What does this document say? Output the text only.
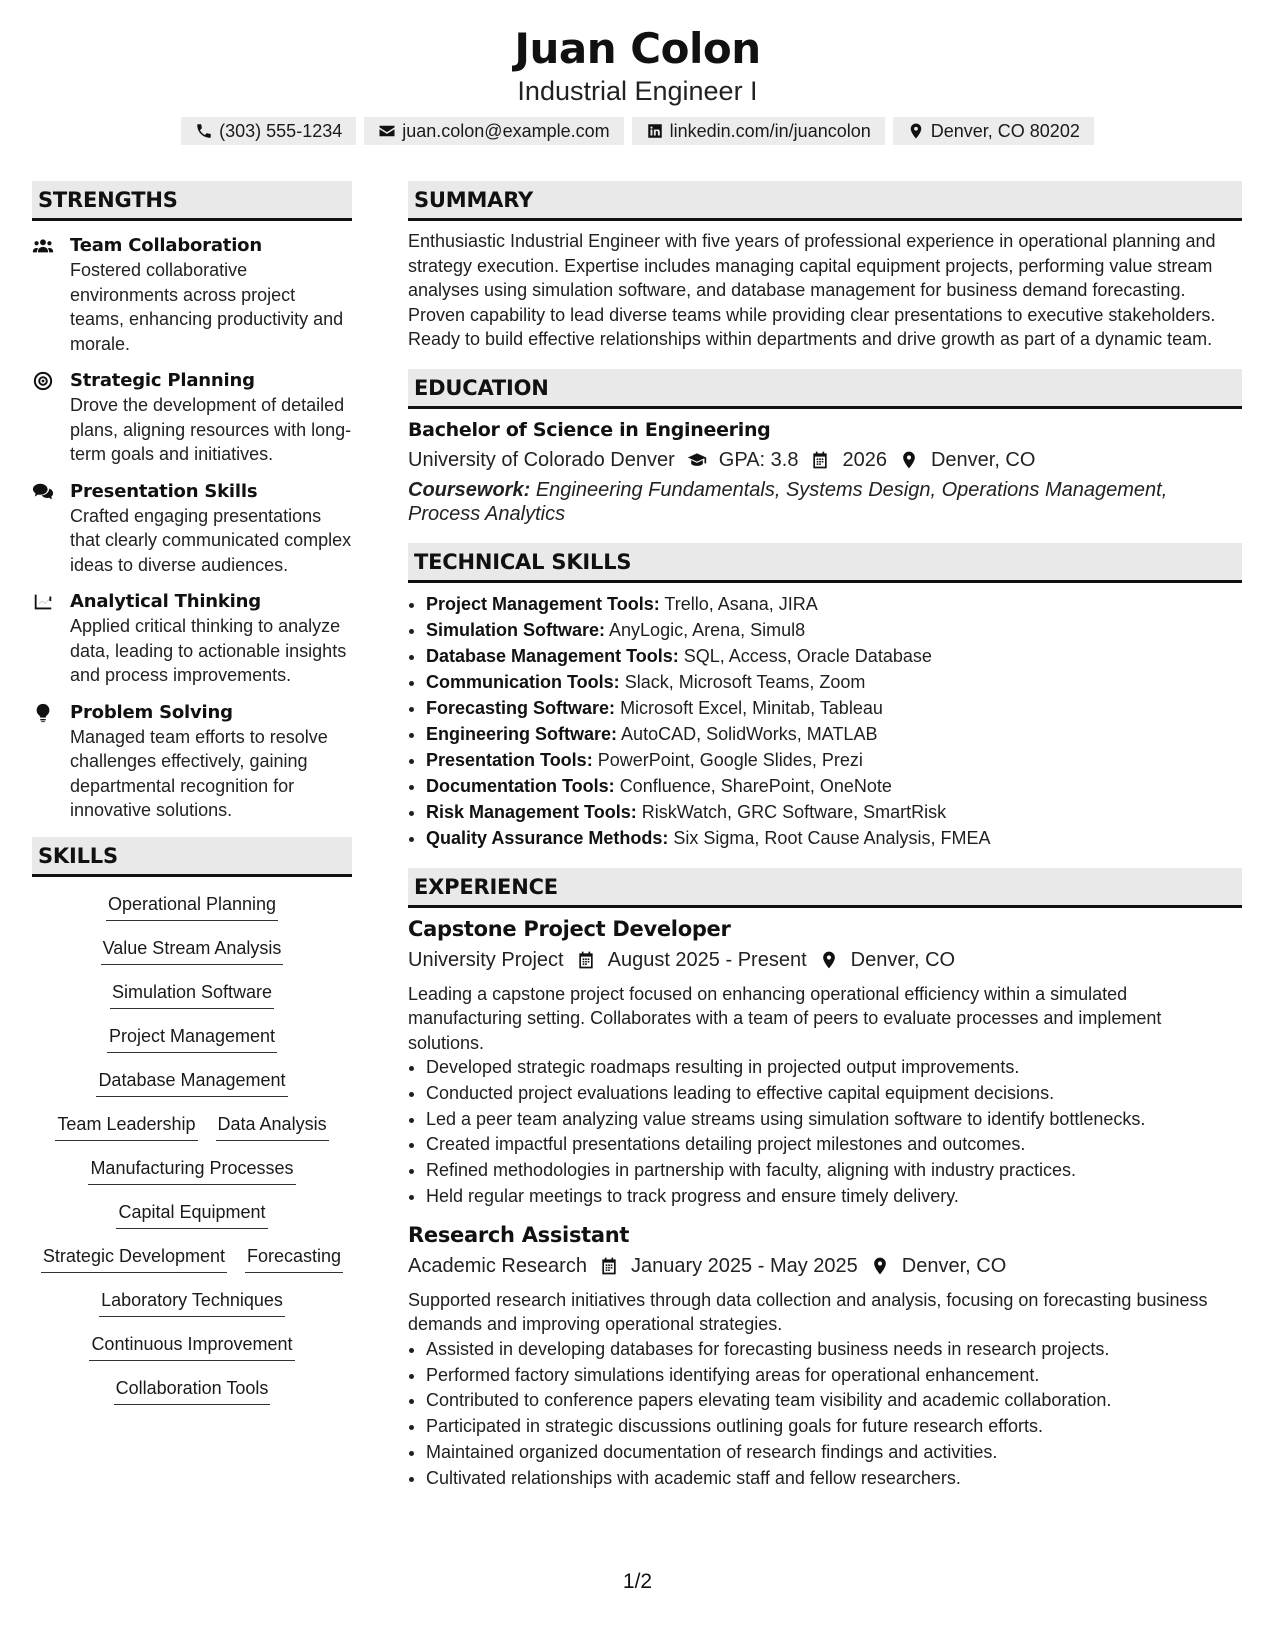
Juan Colon
Industrial Engineer I
(303) 555-1234	juan.colon@example.com	linkedin.com/in/juancolon	Denver, CO 80202
STRENGTHS
Team Collaboration
Fostered collaborative environments across project teams, enhancing productivity and morale.
Strategic Planning
Drove the development of detailed plans, aligning resources with long-term goals and initiatives.
Presentation Skills
Crafted engaging presentations that clearly communicated complex ideas to diverse audiences.
Analytical Thinking
Applied critical thinking to analyze data, leading to actionable insights and process improvements.
Problem Solving
Managed team efforts to resolve challenges effectively, gaining departmental recognition for innovative solutions.
SKILLS
Operational Planning
Value Stream Analysis
Simulation Software
Project Management
Database Management
Team Leadership Data Analysis
Manufacturing Processes
Capital Equipment
Strategic Development Forecasting
Laboratory Techniques
Continuous Improvement
Collaboration Tools
SUMMARY

Enthusiastic Industrial Engineer with five years of professional experience in operational planning and strategy execution. Expertise includes managing capital equipment projects, performing value stream analyses using simulation software, and database management for business demand forecasting. Proven capability to lead diverse teams while providing clear presentations to executive stakeholders. Ready to build effective relationships within departments and drive growth as part of a dynamic team.

EDUCATION
Bachelor of Science in Engineering
University of Colorado Denver GPA: 3.8 2026 Denver, CO
Coursework: Engineering Fundamentals, Systems Design, Operations Management, Process Analytics
TECHNICAL SKILLS
• Project Management Tools: Trello, Asana, JIRA
• Simulation Software: AnyLogic, Arena, Simul8
• Database Management Tools: SQL, Access, Oracle Database
• Communication Tools: Slack, Microsoft Teams, Zoom
• Forecasting Software: Microsoft Excel, Minitab, Tableau
• Engineering Software: AutoCAD, SolidWorks, MATLAB
• Presentation Tools: PowerPoint, Google Slides, Prezi
• Documentation Tools: Confluence, SharePoint, OneNote
• Risk Management Tools: RiskWatch, GRC Software, SmartRisk
• Quality Assurance Methods: Six Sigma, Root Cause Analysis, FMEA
EXPERIENCE
Capstone Project Developer
University Project August 2025 - Present Denver, CO
Leading a capstone project focused on enhancing operational efficiency within a simulated manufacturing setting. Collaborates with a team of peers to evaluate processes and implement solutions.
• Developed strategic roadmaps resulting in projected output improvements.
• Conducted project evaluations leading to effective capital equipment decisions.
• Led a peer team analyzing value streams using simulation software to identify bottlenecks.
• Created impactful presentations detailing project milestones and outcomes.
• Refined methodologies in partnership with faculty, aligning with industry practices.
• Held regular meetings to track progress and ensure timely delivery.
Research Assistant
Academic Research January 2025 - May 2025 Denver, CO
Supported research initiatives through data collection and analysis, focusing on forecasting business demands and improving operational strategies.
• Assisted in developing databases for forecasting business needs in research projects.
• Performed factory simulations identifying areas for operational enhancement.
• Contributed to conference papers elevating team visibility and academic collaboration.
• Participated in strategic discussions outlining goals for future research efforts.
• Maintained organized documentation of research findings and activities.
• Cultivated relationships with academic staff and fellow researchers.
1/2
